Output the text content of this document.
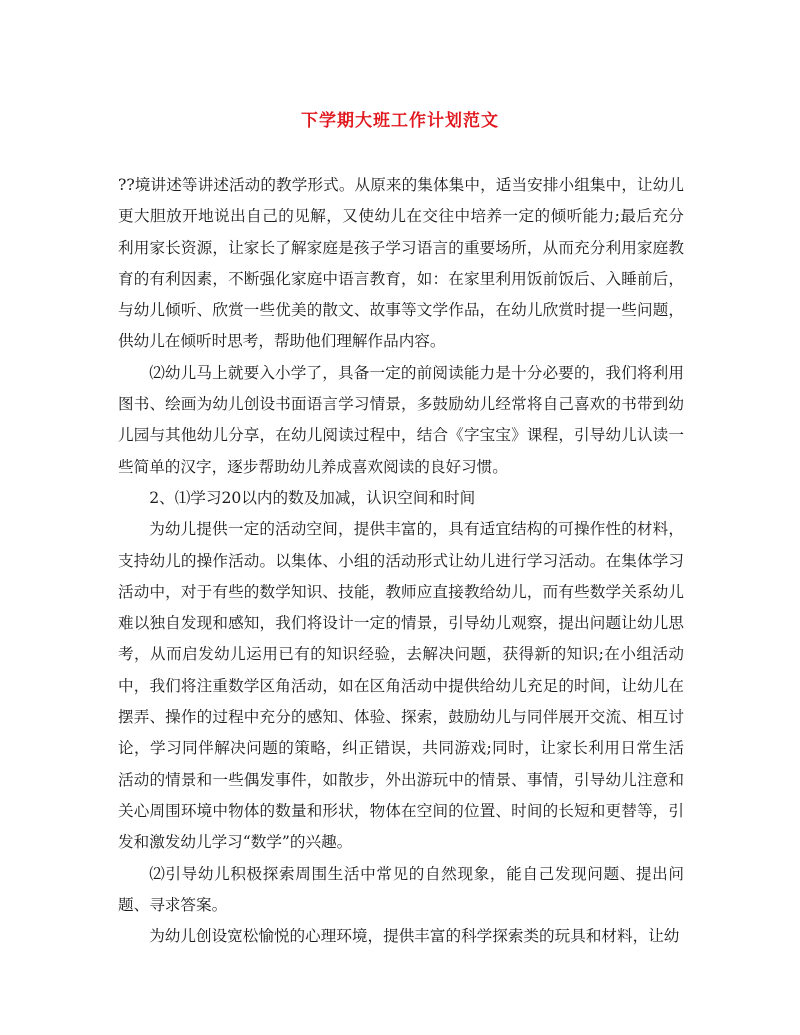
下学期大班工作计划范文

??境讲述等讲述活动的教学形式。从原来的集体集中，适当安排小组集中，让幼儿更大胆放开地说出自己的见解，又使幼儿在交往中培养一定的倾听能力;最后充分利用家长资源，让家长了解家庭是孩子学习语言的重要场所，从而充分利用家庭教育的有利因素，不断强化家庭中语言教育，如：在家里利用饭前饭后、入睡前后，与幼儿倾听、欣赏一些优美的散文、故事等文学作品，在幼儿欣赏时提一些问题，供幼儿在倾听时思考，帮助他们理解作品内容。

⑵幼儿马上就要入小学了，具备一定的前阅读能力是十分必要的，我们将利用图书、绘画为幼儿创设书面语言学习情景，多鼓励幼儿经常将自己喜欢的书带到幼儿园与其他幼儿分享，在幼儿阅读过程中，结合《字宝宝》课程，引导幼儿认读一些简单的汉字，逐步帮助幼儿养成喜欢阅读的良好习惯。

2、⑴学习20以内的数及加减，认识空间和时间

为幼儿提供一定的活动空间，提供丰富的，具有适宜结构的可操作性的材料，支持幼儿的操作活动。以集体、小组的活动形式让幼儿进行学习活动。在集体学习活动中，对于有些的数学知识、技能，教师应直接教给幼儿，而有些数学关系幼儿难以独自发现和感知，我们将设计一定的情景，引导幼儿观察，提出问题让幼儿思考，从而启发幼儿运用已有的知识经验，去解决问题，获得新的知识;在小组活动中，我们将注重数学区角活动，如在区角活动中提供给幼儿充足的时间，让幼儿在摆弄、操作的过程中充分的感知、体验、探索，鼓励幼儿与同伴展开交流、相互讨论，学习同伴解决问题的策略，纠正错误，共同游戏;同时，让家长利用日常生活活动的情景和一些偶发事件，如散步，外出游玩中的情景、事情，引导幼儿注意和关心周围环境中物体的数量和形状，物体在空间的位置、时间的长短和更替等，引发和激发幼儿学习“数学”的兴趣。

⑵引导幼儿积极探索周围生活中常见的自然现象，能自己发现问题、提出问题、寻求答案。

为幼儿创设宽松愉悦的心理环境，提供丰富的科学探索类的玩具和材料，让幼
